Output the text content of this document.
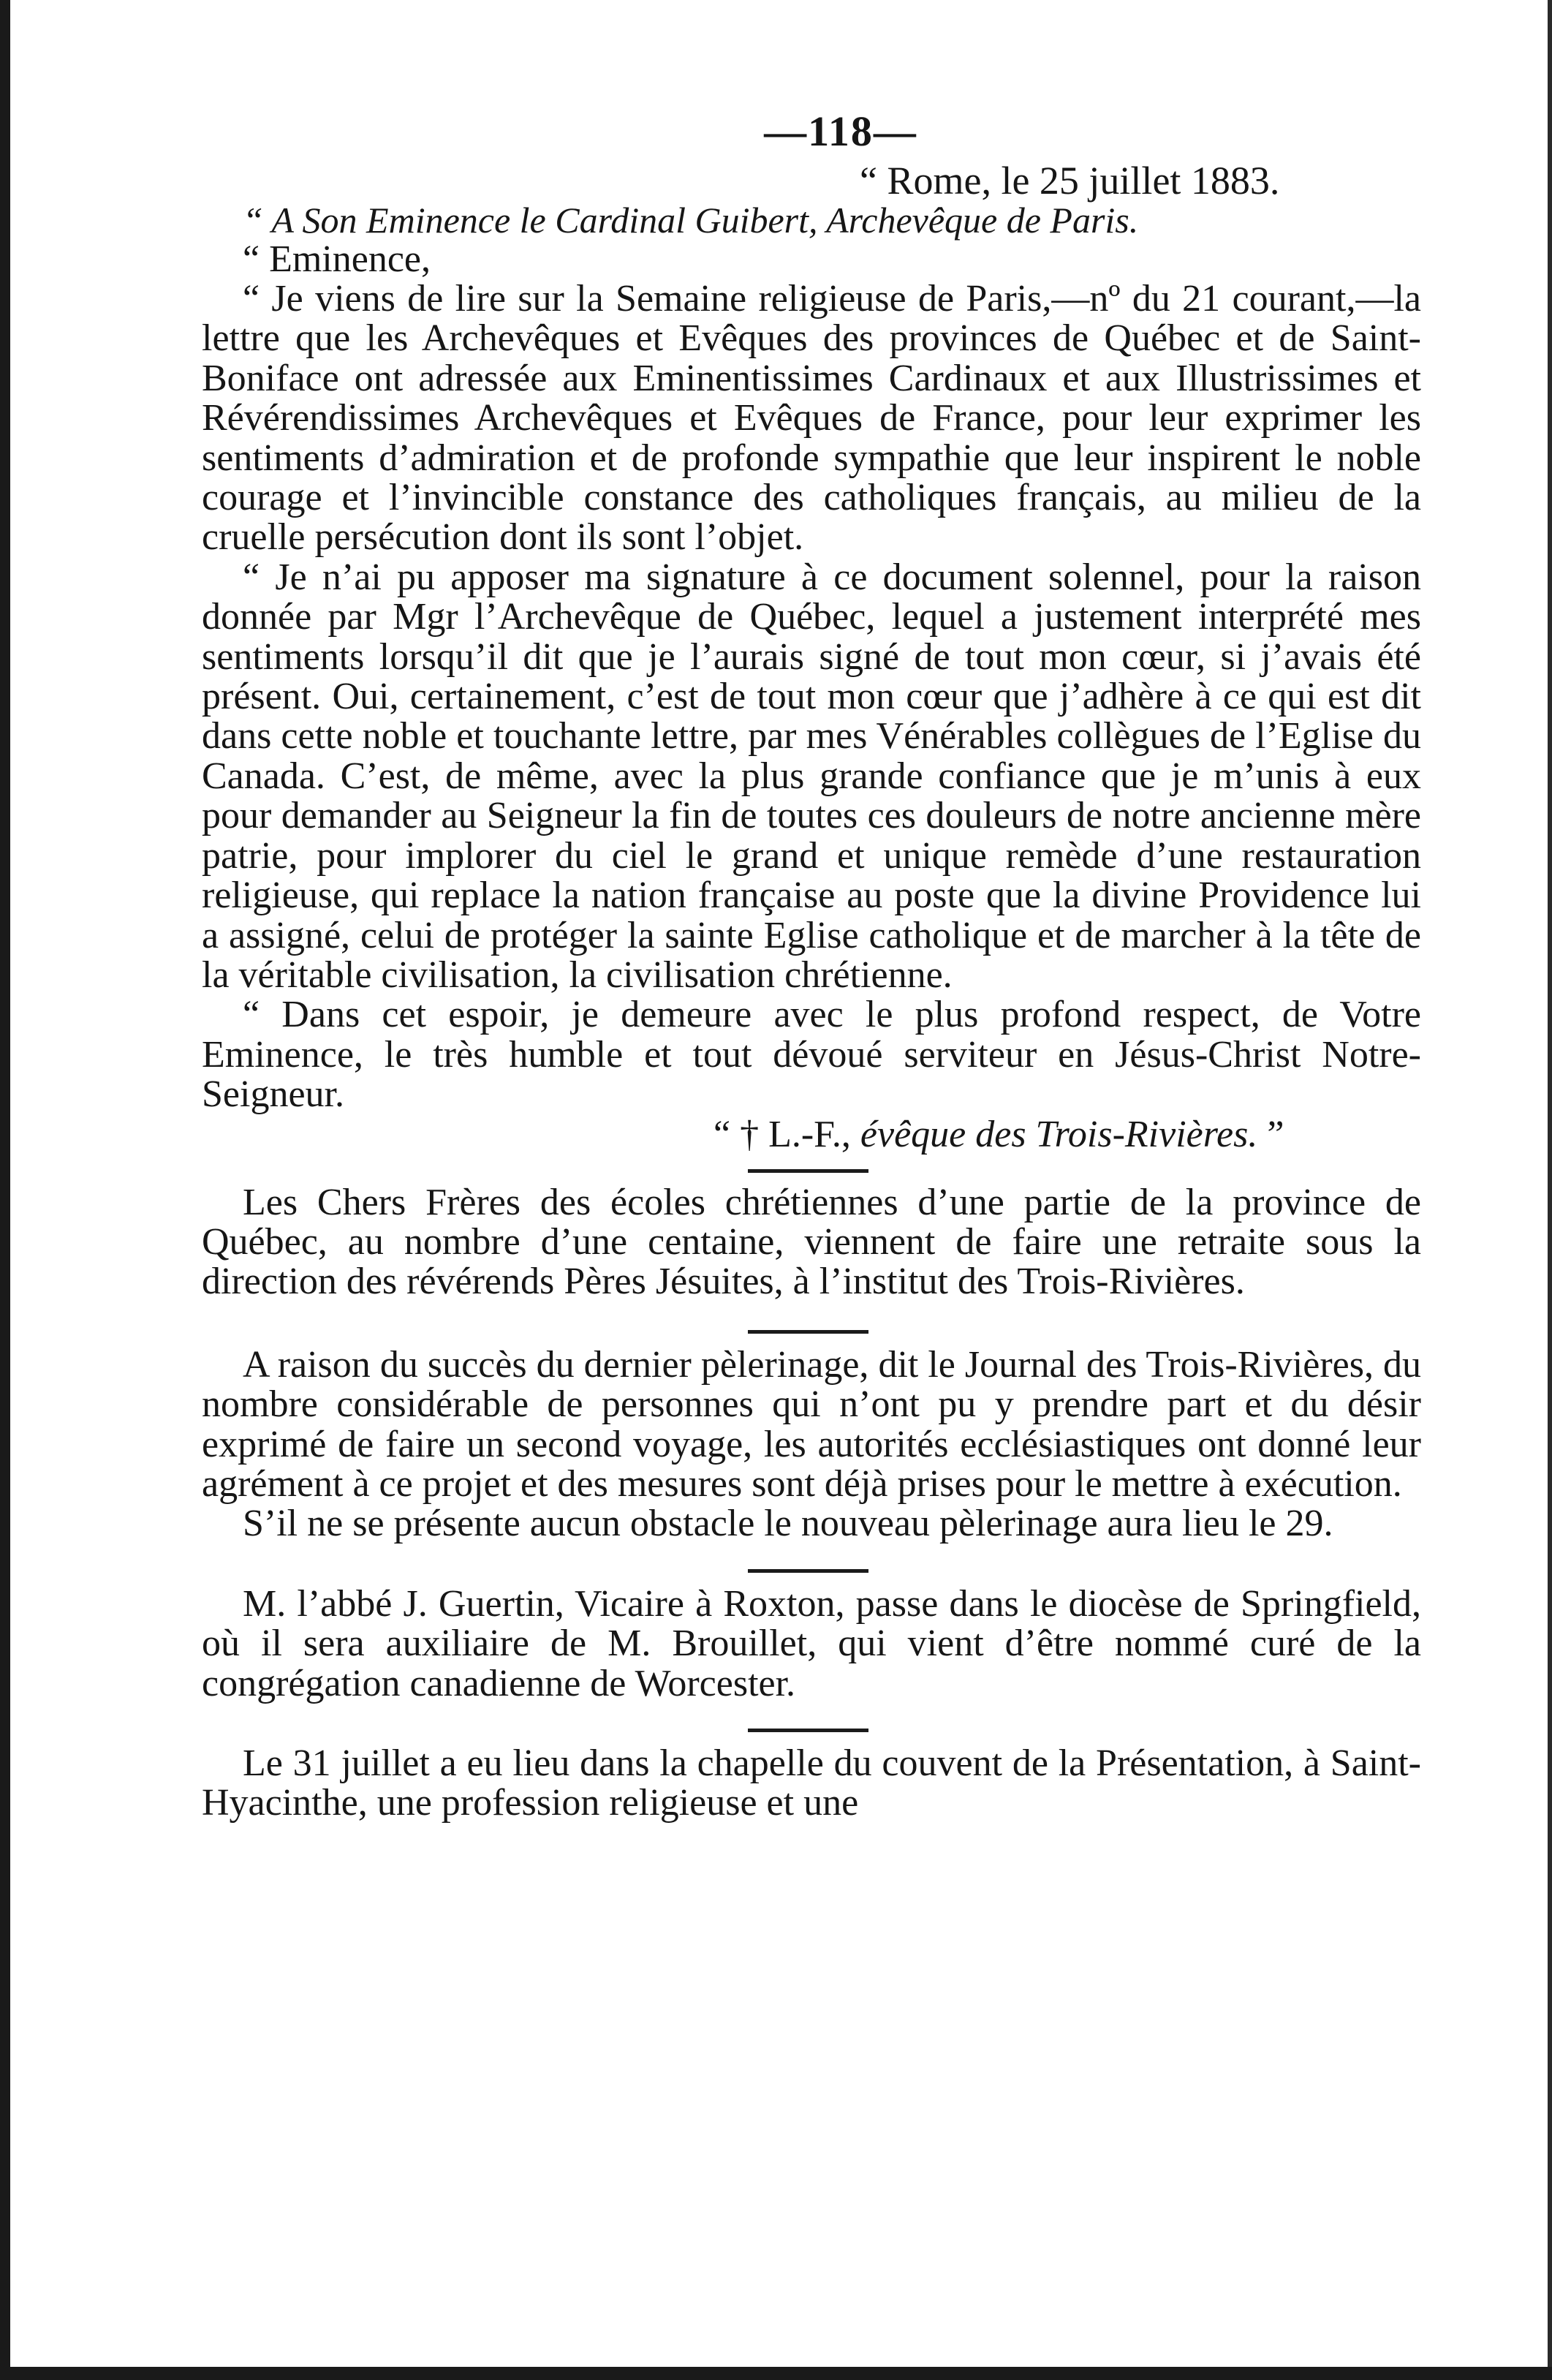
—118—
“ Rome, le 25 juillet 1883.
“ A Son Eminence le Cardinal Guibert, Archevêque de Paris.
“ Eminence,

“ Je viens de lire sur la Semaine religieuse de Paris,—nº du 21 courant,—la lettre que les Archevêques et Evêques des provinces de Québec et de Saint-Boniface ont adressée aux Eminentissimes Cardinaux et aux Illustrissimes et Révérendissimes Archevêques et Evêques de France, pour leur exprimer les sentiments d’admiration et de profonde sympathie que leur inspirent le noble courage et l’invincible constance des catholiques français, au milieu de la cruelle persécution dont ils sont l’objet.

“ Je n’ai pu apposer ma signature à ce document solennel, pour la raison donnée par Mgr l’Archevêque de Québec, lequel a justement interprété mes sentiments lorsqu’il dit que je l’aurais signé de tout mon cœur, si j’avais été présent. Oui, certainement, c’est de tout mon cœur que j’adhère à ce qui est dit dans cette noble et touchante lettre, par mes Vénérables collègues de l’Eglise du Canada. C’est, de même, avec la plus grande confiance que je m’unis à eux pour demander au Seigneur la fin de toutes ces douleurs de notre ancienne mère patrie, pour implorer du ciel le grand et unique remède d’une restauration religieuse, qui replace la nation française au poste que la divine Providence lui a assigné, celui de protéger la sainte Eglise catholique et de marcher à la tête de la véritable civilisation, la civilisation chrétienne.

“ Dans cet espoir, je demeure avec le plus profond respect, de Votre Eminence, le très humble et tout dévoué serviteur en Jésus-Christ Notre-Seigneur.

“ † L.-F., évêque des Trois-Rivières. ”

Les Chers Frères des écoles chrétiennes d’une partie de la province de Québec, au nombre d’une centaine, viennent de faire une retraite sous la direction des révérends Pères Jésuites, à l’institut des Trois-Rivières.

A raison du succès du dernier pèlerinage, dit le Journal des Trois-Rivières, du nombre considérable de personnes qui n’ont pu y prendre part et du désir exprimé de faire un second voyage, les autorités ecclésiastiques ont donné leur agrément à ce projet et des mesures sont déjà prises pour le mettre à exécution.

S’il ne se présente aucun obstacle le nouveau pèlerinage aura lieu le 29.

M. l’abbé J. Guertin, Vicaire à Roxton, passe dans le diocèse de Springfield, où il sera auxiliaire de M. Brouillet, qui vient d’être nommé curé de la congrégation canadienne de Worcester.

Le 31 juillet a eu lieu dans la chapelle du couvent de la Présentation, à Saint-Hyacinthe, une profession religieuse et une
